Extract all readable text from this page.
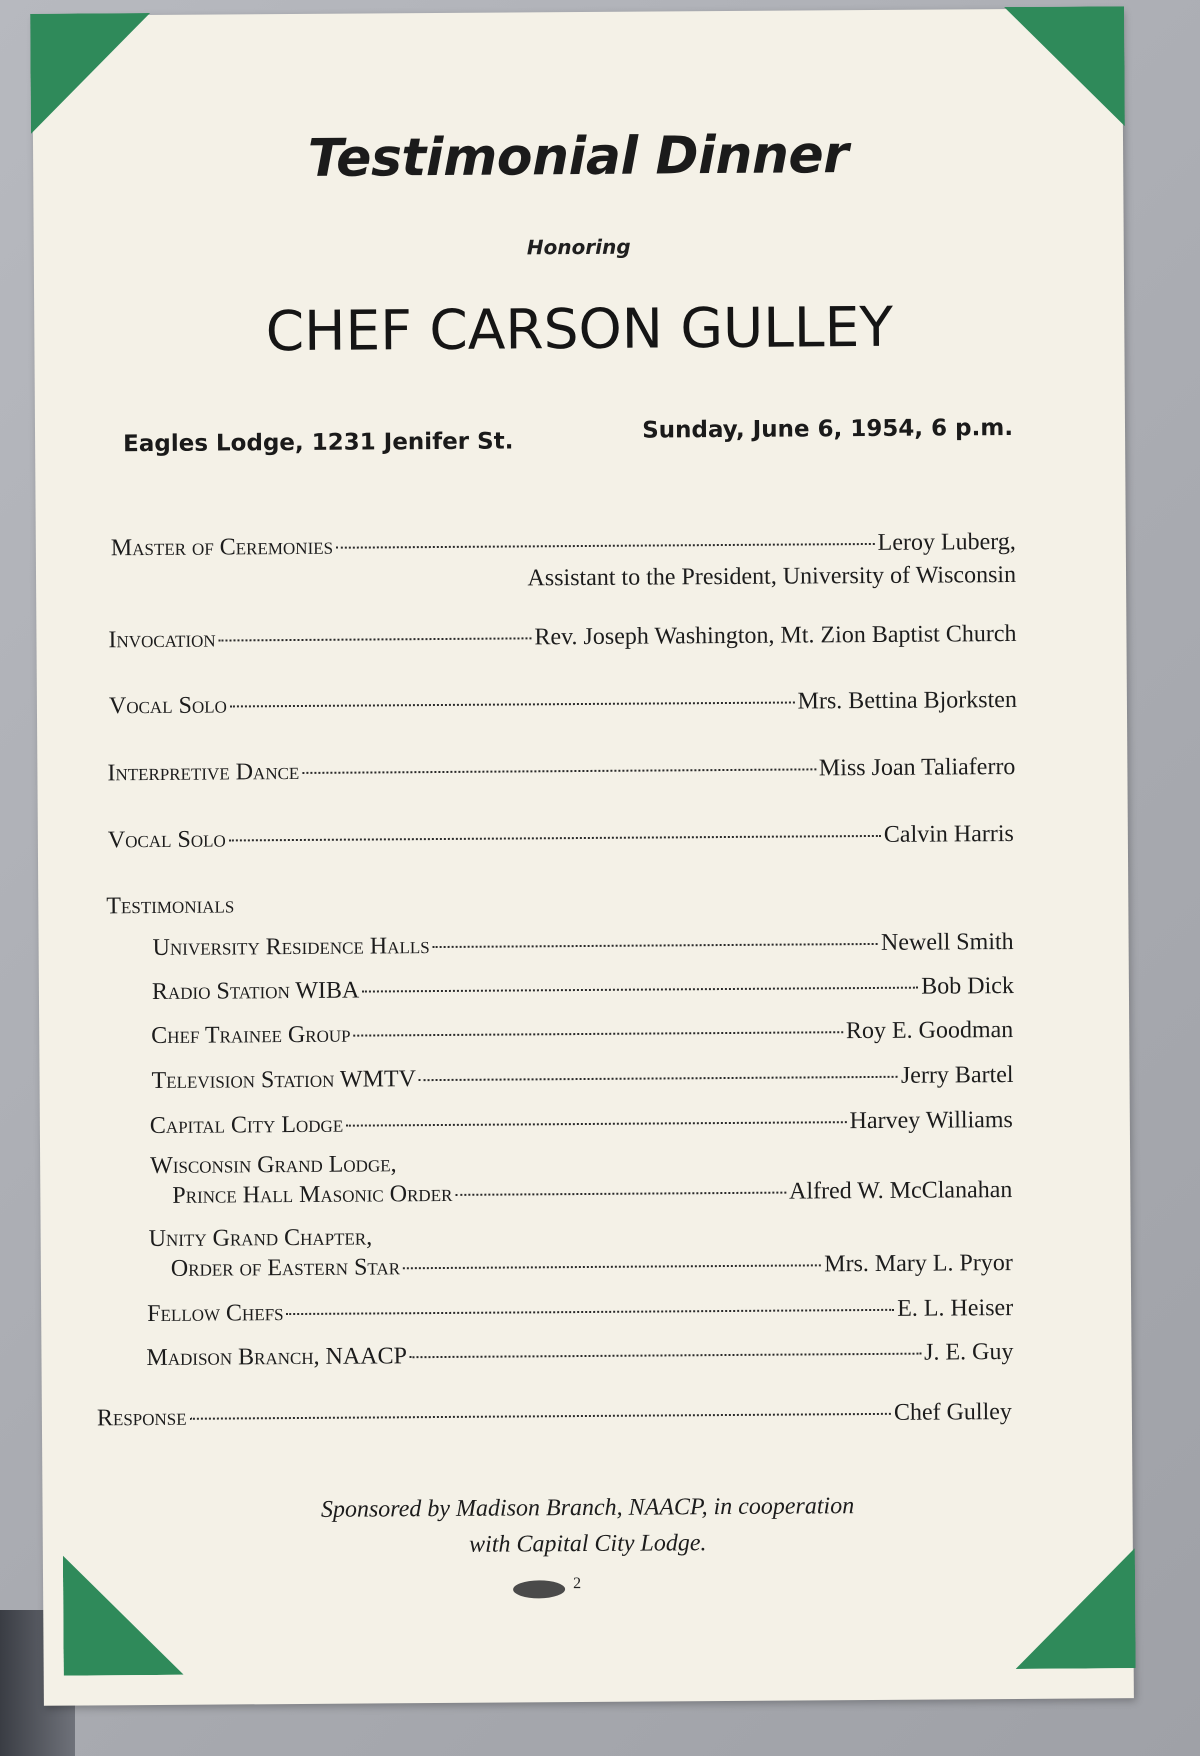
Testimonial Dinner
Honoring
CHEF CARSON GULLEY
Eagles Lodge, 1231 Jenifer St.	Sunday, June 6, 1954, 6 p.m.
Master of Ceremonies	Leroy Luberg,
Assistant to the President, University of Wisconsin
Invocation	Rev. Joseph Washington, Mt. Zion Baptist Church
Vocal Solo	Mrs. Bettina Bjorksten
Interpretive Dance	Miss Joan Taliaferro
Vocal Solo	Calvin Harris
Testimonials
University Residence Halls	Newell Smith
Radio Station WIBA	Bob Dick
Chef Trainee Group	Roy E. Goodman
Television Station WMTV	Jerry Bartel
Capital City Lodge	Harvey Williams
Wisconsin Grand Lodge,
Prince Hall Masonic Order	Alfred W. McClanahan
Unity Grand Chapter,
Order of Eastern Star	Mrs. Mary L. Pryor
Fellow Chefs	E. L. Heiser
Madison Branch, NAACP	J. E. Guy
Response	Chef Gulley
Sponsored by Madison Branch, NAACP, in cooperation
with Capital City Lodge.
2
